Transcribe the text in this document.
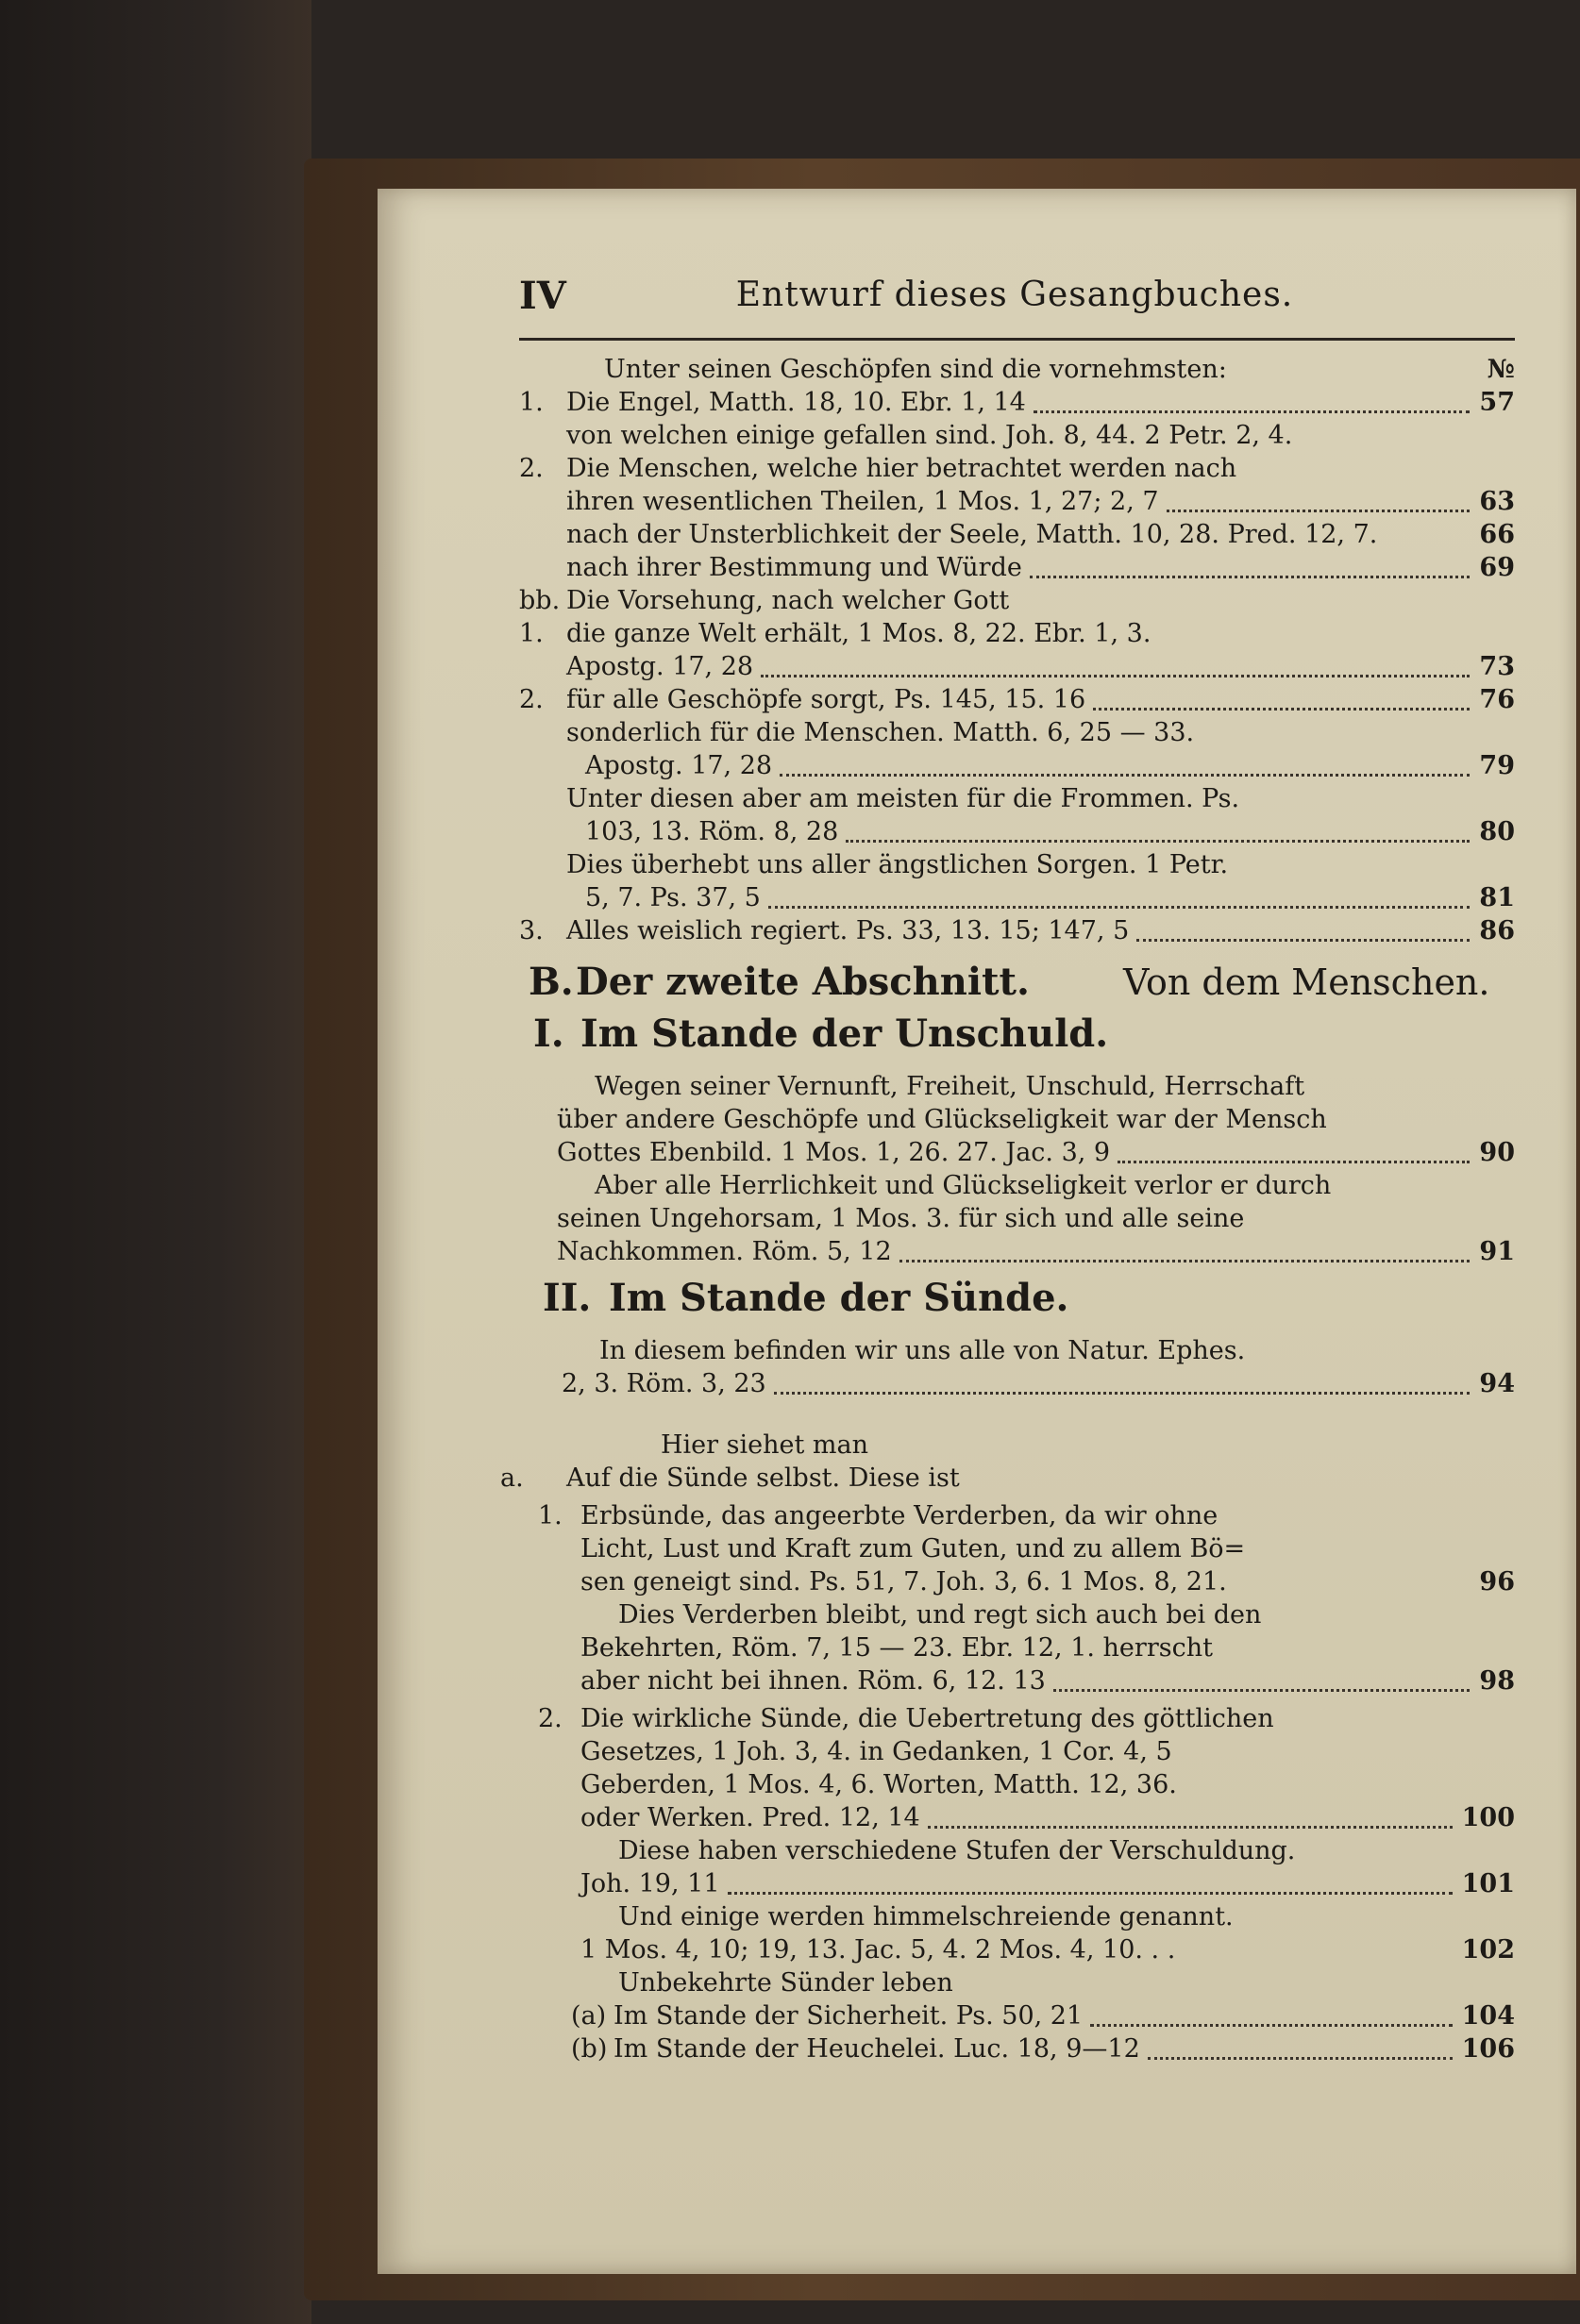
IV	Entwurf dieses Gesangbuches.
Unter seinen Geschöpfen sind die vornehmsten:	№
1. Die Engel, Matth. 18, 10. Ebr. 1, 14	57
von welchen einige gefallen sind. Joh. 8, 44. 2 Petr. 2, 4.
2. Die Menschen, welche hier betrachtet werden nach
ihren wesentlichen Theilen, 1 Mos. 1, 27; 2, 7	63
nach der Unsterblichkeit der Seele, Matth. 10, 28. Pred. 12, 7.	66
nach ihrer Bestimmung und Würde	69
bb. Die Vorsehung, nach welcher Gott
1. die ganze Welt erhält, 1 Mos. 8, 22. Ebr. 1, 3.
Apostg. 17, 28	73
2. für alle Geschöpfe sorgt, Ps. 145, 15. 16	76
sonderlich für die Menschen. Matth. 6, 25 — 33.
Apostg. 17, 28	79
Unter diesen aber am meisten für die Frommen. Ps.
103, 13. Röm. 8, 28	80
Dies überhebt uns aller ängstlichen Sorgen. 1 Petr.
5, 7. Ps. 37, 5	81
3. Alles weislich regiert. Ps. 33, 13. 15; 147, 5	86
Wegen seiner Vernunft, Freiheit, Unschuld, Herrschaft
über andere Geschöpfe und Glückseligkeit war der Mensch
Gottes Ebenbild. 1 Mos. 1, 26. 27. Jac. 3, 9	90
Aber alle Herrlichkeit und Glückseligkeit verlor er durch
seinen Ungehorsam, 1 Mos. 3. für sich und alle seine
Nachkommen. Röm. 5, 12	91
In diesem befinden wir uns alle von Natur. Ephes.
2, 3. Röm. 3, 23	94
Hier siehet man
a. Auf die Sünde selbst. Diese ist
1. Erbsünde, das angeerbte Verderben, da wir ohne
Licht, Lust und Kraft zum Guten, und zu allem Bö=
sen geneigt sind. Ps. 51, 7. Joh. 3, 6. 1 Mos. 8, 21.	96
Dies Verderben bleibt, und regt sich auch bei den
Bekehrten, Röm. 7, 15 — 23. Ebr. 12, 1. herrscht
aber nicht bei ihnen. Röm. 6, 12. 13	98
2. Die wirkliche Sünde, die Uebertretung des göttlichen
Gesetzes, 1 Joh. 3, 4. in Gedanken, 1 Cor. 4, 5
Geberden, 1 Mos. 4, 6. Worten, Matth. 12, 36.
oder Werken. Pred. 12, 14	100
Diese haben verschiedene Stufen der Verschuldung.
Joh. 19, 11	101
Und einige werden himmelschreiende genannt.
1 Mos. 4, 10; 19, 13. Jac. 5, 4. 2 Mos. 4, 10. . .	102
Unbekehrte Sünder leben
(a) Im Stande der Sicherheit. Ps. 50, 21	104
(b) Im Stande der Heuchelei. Luc. 18, 9—12	106
B. Der zweite Abschnitt.	Von dem Menschen.
I. Im Stande der Unschuld.
II. Im Stande der Sünde.
